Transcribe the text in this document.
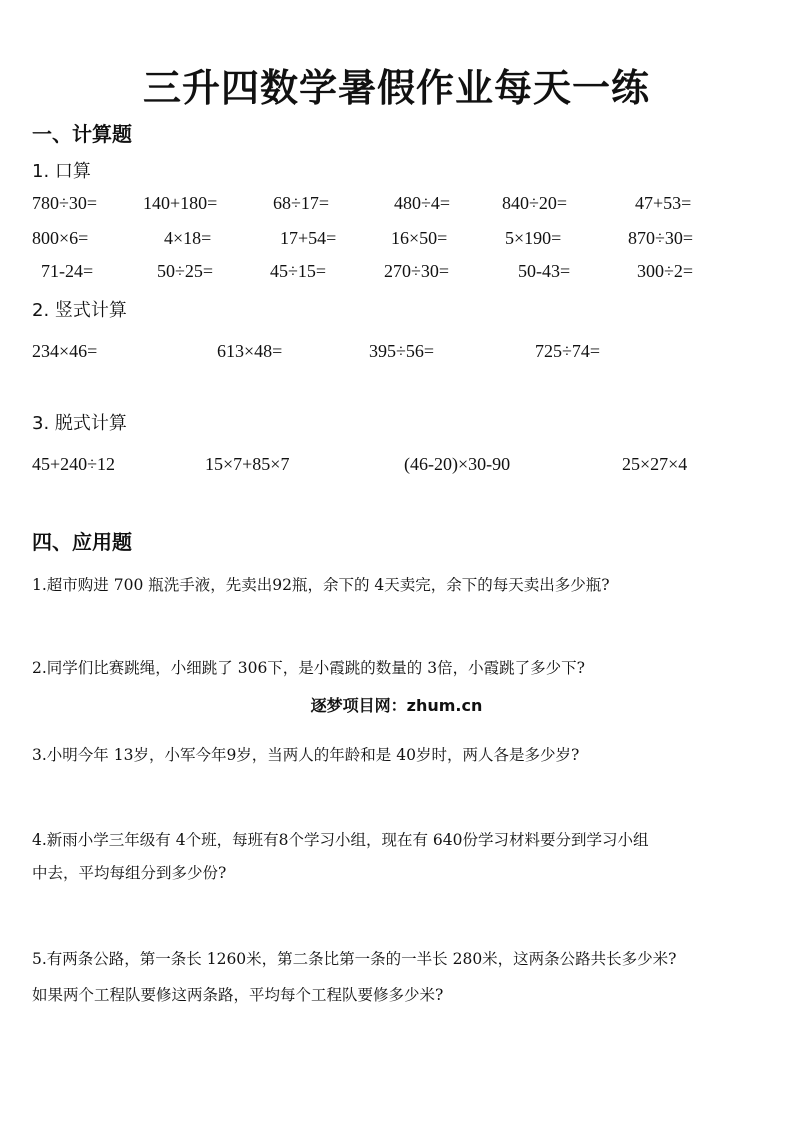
三升四数学暑假作业每天一练
一、计算题
1. 口算
780÷30=	140+180=	68÷17=	480÷4=	840÷20=	47+53=
800×6=	4×18=	17+54=	16×50=	5×190=	870÷30=
71-24=	50÷25=	45÷15=	270÷30=	50-43=	300÷2=
2. 竖式计算
234×46=	613×48=	395÷56=	725÷74=
3. 脱式计算
45+240÷12	15×7+85×7	(46-20)×30-90	25×27×4
四、应用题
1.超市购进 700 瓶洗手液，先卖出92瓶，余下的 4天卖完，余下的每天卖出多少瓶?
2.同学们比赛跳绳，小细跳了 306下，是小霞跳的数量的 3倍，小霞跳了多少下?
逐梦项目网：zhum.cn
3.小明今年 13岁，小军今年9岁，当两人的年龄和是 40岁时，两人各是多少岁?
4.新雨小学三年级有 4个班，每班有8个学习小组，现在有 640份学习材料要分到学习小组
中去，平均每组分到多少份?
5.有两条公路，第一条长 1260米，第二条比第一条的一半长 280米，这两条公路共长多少米?
如果两个工程队要修这两条路，平均每个工程队要修多少米?
